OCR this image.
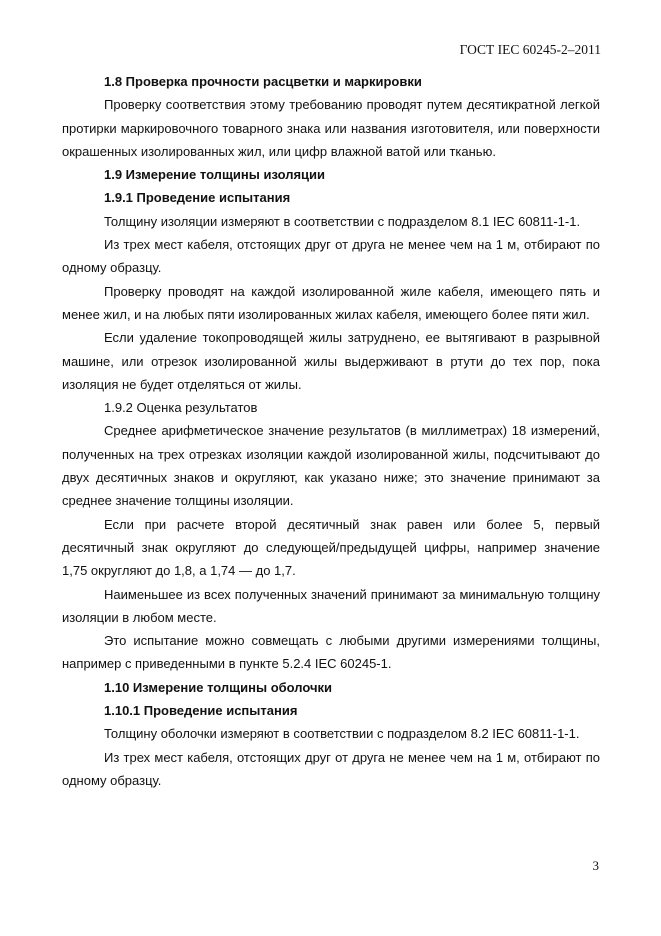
ГОСТ IEC 60245-2–2011

1.8 Проверка прочности расцветки и маркировки

Проверку соответствия этому требованию проводят путем десятикратной легкой протирки маркировочного товарного знака или названия изготовителя, или поверхности окрашенных изолированных жил, или цифр влажной ватой или тканью.

1.9 Измерение толщины изоляции

1.9.1 Проведение испытания

Толщину изоляции измеряют в соответствии с подразделом 8.1 IEC 60811-1-1.

Из трех мест кабеля, отстоящих друг от друга не менее чем на 1 м, отбирают по одному образцу.

Проверку проводят на каждой изолированной жиле кабеля, имеющего пять и менее жил, и на любых пяти изолированных жилах кабеля, имеющего более пяти жил.

Если удаление токопроводящей жилы затруднено, ее вытягивают в разрывной машине, или отрезок изолированной жилы выдерживают в ртути до тех пор, пока изоляция не будет отделяться от жилы.

1.9.2 Оценка результатов

Среднее арифметическое значение результатов (в миллиметрах) 18 измерений, полученных на трех отрезках изоляции каждой изолированной жилы, подсчитывают до двух десятичных знаков и округляют, как указано ниже; это значение принимают за среднее значение толщины изоляции.

Если при расчете второй десятичный знак равен или более 5, первый десятичный знак округляют до следующей/предыдущей цифры, например значение 1,75 округляют до 1,8, а 1,74 — до 1,7.

Наименьшее из всех полученных значений принимают за минимальную толщину изоляции в любом месте.

Это испытание можно совмещать с любыми другими измерениями толщины, например с приведенными в пункте 5.2.4 IEC 60245-1.

1.10 Измерение толщины оболочки

1.10.1 Проведение испытания

Толщину оболочки измеряют в соответствии с подразделом 8.2 IEC 60811-1-1.

Из трех мест кабеля, отстоящих друг от друга не менее чем на 1 м, отбирают по одному образцу.

3
